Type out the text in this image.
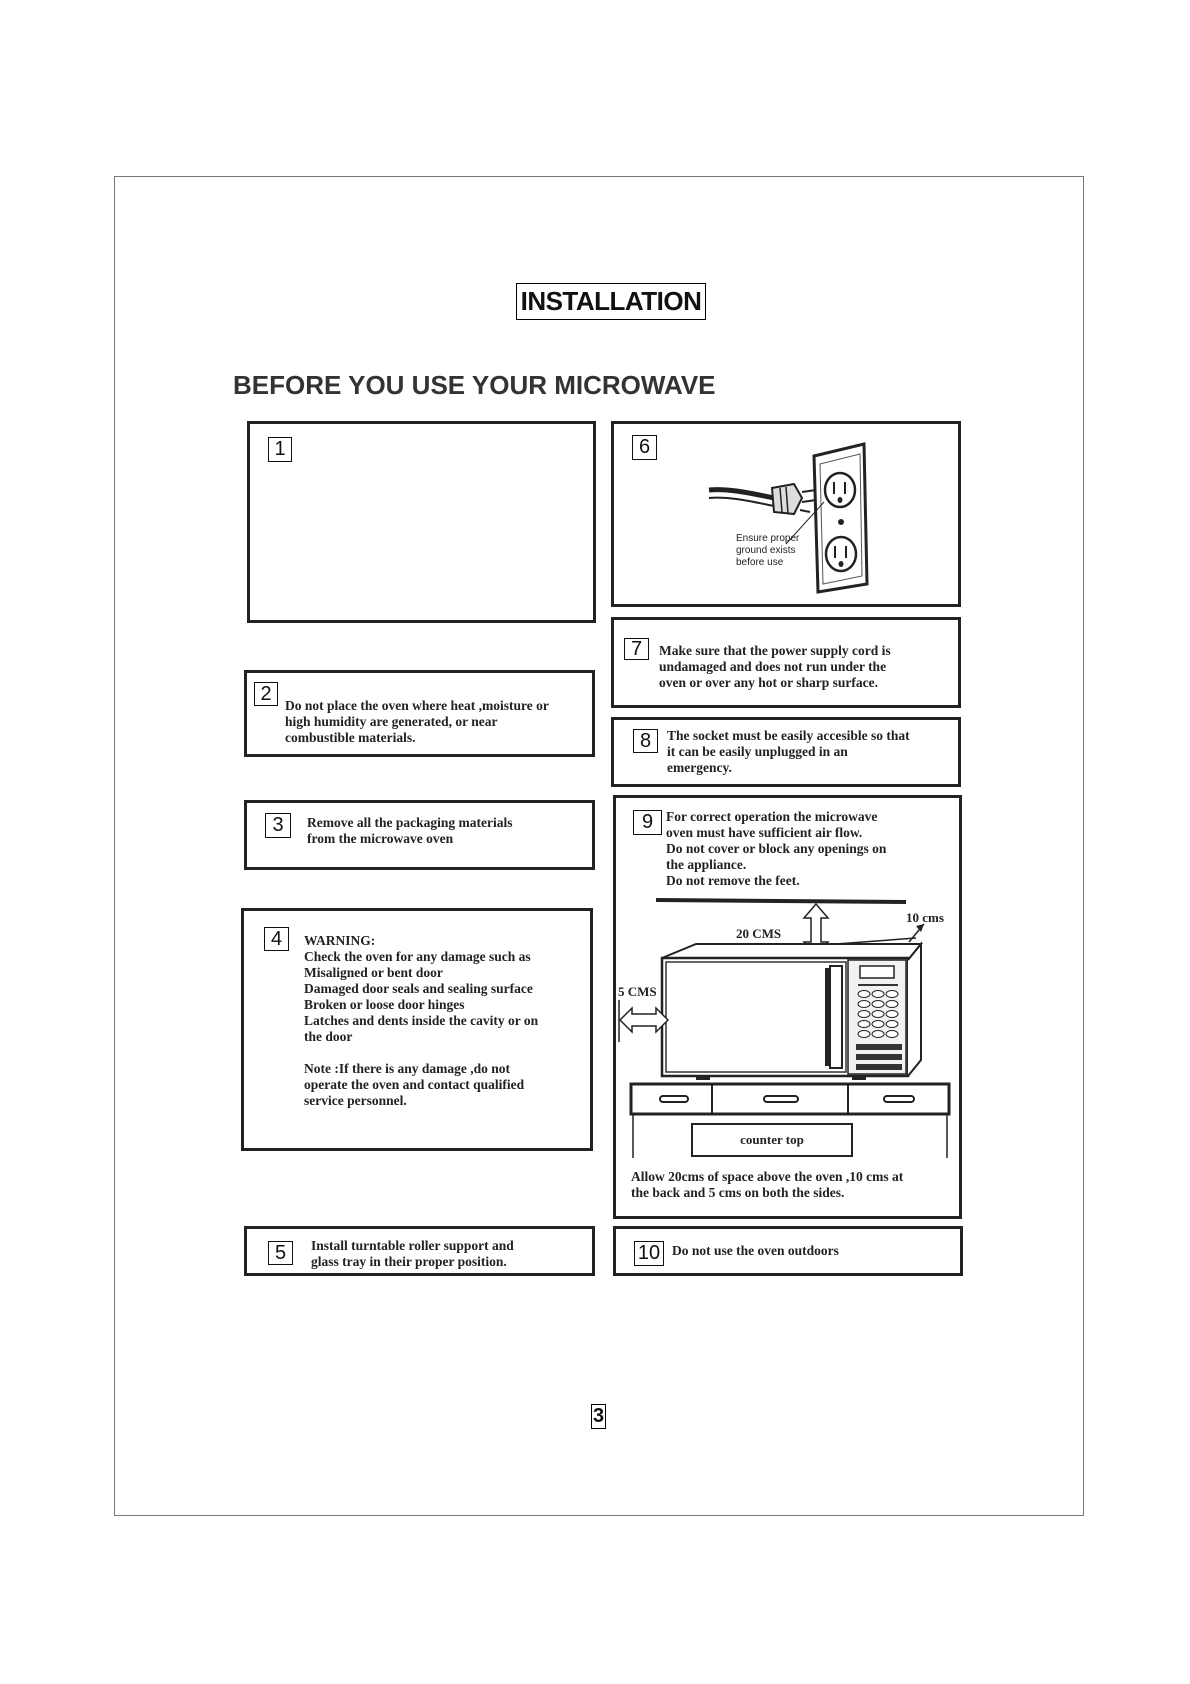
INSTALLATION
BEFORE YOU USE YOUR MICROWAVE
1
2
Do not place the oven where heat ,moisture or
high humidity are generated, or near
combustible materials.
3	Remove all the packaging materials
from the microwave oven
4	WARNING:
Check the oven for any damage such as
Misaligned or bent door
Damaged door seals and sealing surface
Broken or loose door hinges
Latches and dents inside the cavity or on
the door

Note :If there is any damage ,do not
operate the oven and contact qualified
service personnel.
5	Install turntable roller support and
glass tray in their proper position.
6
Ensure proper
ground exists
before use
7	Make sure that the power supply cord is
undamaged and does not run under the
oven or over any hot or sharp surface.
8	The socket must be easily accesible so that
it can be easily unplugged in an
emergency.
9 For correct operation the microwave
oven must have sufficient air flow.
Do not cover or block any openings on
the appliance.
Do not remove the feet.
20 CMS
10 cms
5 CMS
counter top
Allow 20cms of space above the oven ,10 cms at
the back and 5 cms on both the sides.
10 Do not use the oven outdoors
3
